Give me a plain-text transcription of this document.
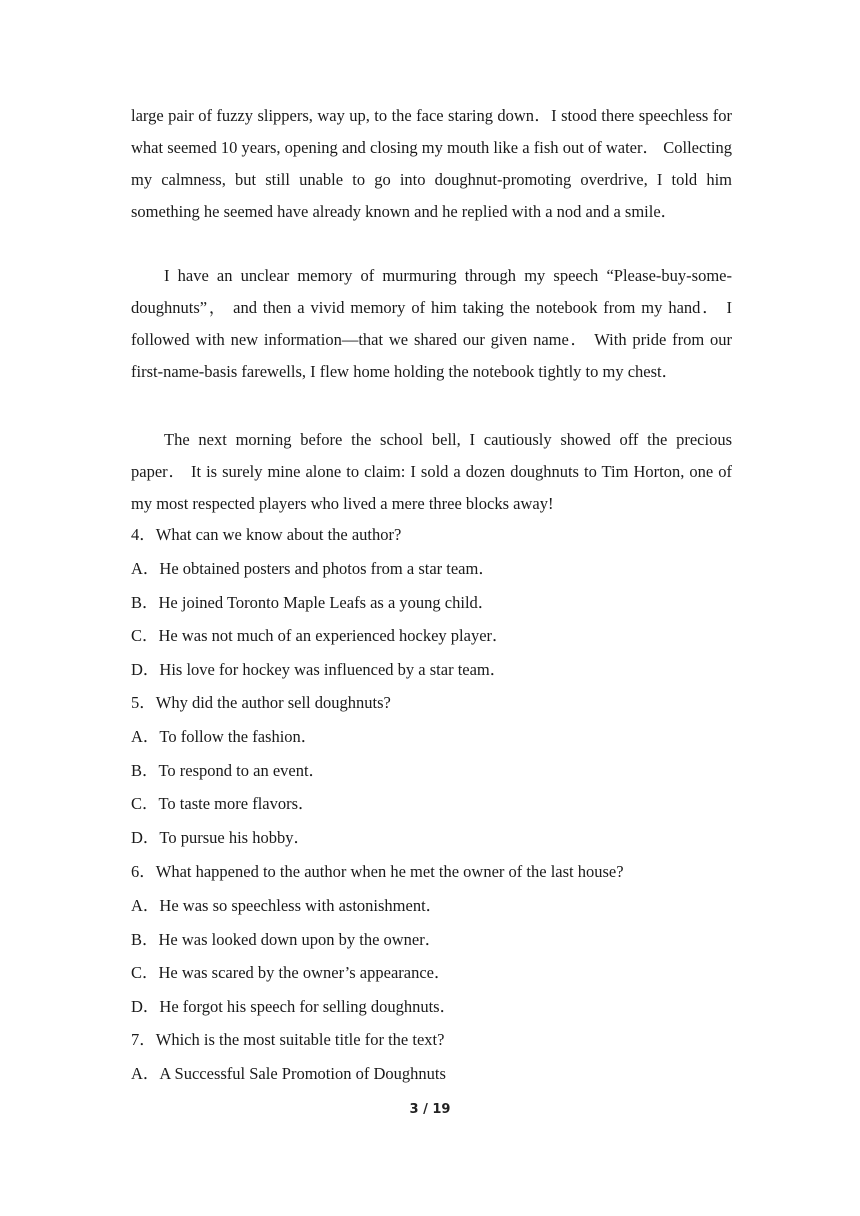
large pair of fuzzy slippers, way up, to the face staring down．I stood there speechless for what seemed 10 years, opening and closing my mouth like a fish out of water． Collecting my calmness, but still unable to go into doughnut-promoting overdrive, I told him something he seemed have already known and he replied with a nod and a smile．

I have an unclear memory of murmuring through my speech “Please-buy-some-doughnuts”， and then a vivid memory of him taking the notebook from my hand． I followed with new information—that we shared our given name． With pride from our first-name-basis farewells, I flew home holding the notebook tightly to my chest．

The next morning before the school bell, I cautiously showed off the precious paper． It is surely mine alone to claim: I sold a dozen doughnuts to Tim Horton, one of my most respected players who lived a mere three blocks away!

4．What can we know about the author?
A．He obtained posters and photos from a star team．
B．He joined Toronto Maple Leafs as a young child．
C．He was not much of an experienced hockey player．
D．His love for hockey was influenced by a star team．
5．Why did the author sell doughnuts?
A．To follow the fashion．
B．To respond to an event．
C．To taste more flavors．
D．To pursue his hobby．
6．What happened to the author when he met the owner of the last house?
A．He was so speechless with astonishment．
B．He was looked down upon by the owner．
C．He was scared by the owner’s appearance．
D．He forgot his speech for selling doughnuts．
7．Which is the most suitable title for the text?
A．A Successful Sale Promotion of Doughnuts
3 / 19
